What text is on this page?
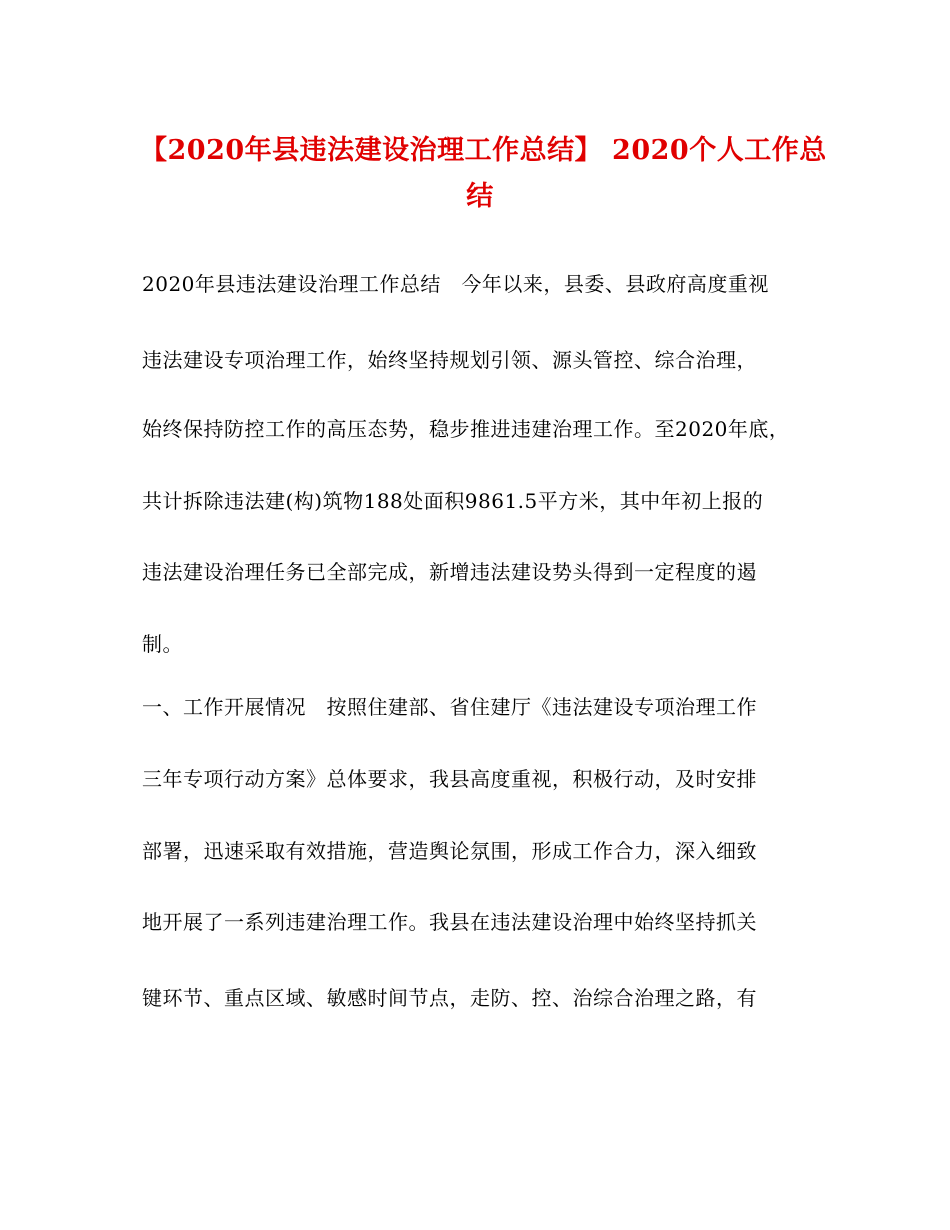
【2020年县违法建设治理工作总结】 2020个人工作总
结
2020年县违法建设治理工作总结　今年以来，县委、县政府高度重视
违法建设专项治理工作，始终坚持规划引领、源头管控、综合治理，
始终保持防控工作的高压态势，稳步推进违建治理工作。至2020年底，
共计拆除违法建(构)筑物188处面积9861.5平方米，其中年初上报的
违法建设治理任务已全部完成，新增违法建设势头得到一定程度的遏
制。
一、工作开展情况　按照住建部、省住建厅《违法建设专项治理工作
三年专项行动方案》总体要求，我县高度重视，积极行动，及时安排
部署，迅速采取有效措施，营造舆论氛围，形成工作合力，深入细致
地开展了一系列违建治理工作。我县在违法建设治理中始终坚持抓关
键环节、重点区域、敏感时间节点，走防、控、治综合治理之路，有
